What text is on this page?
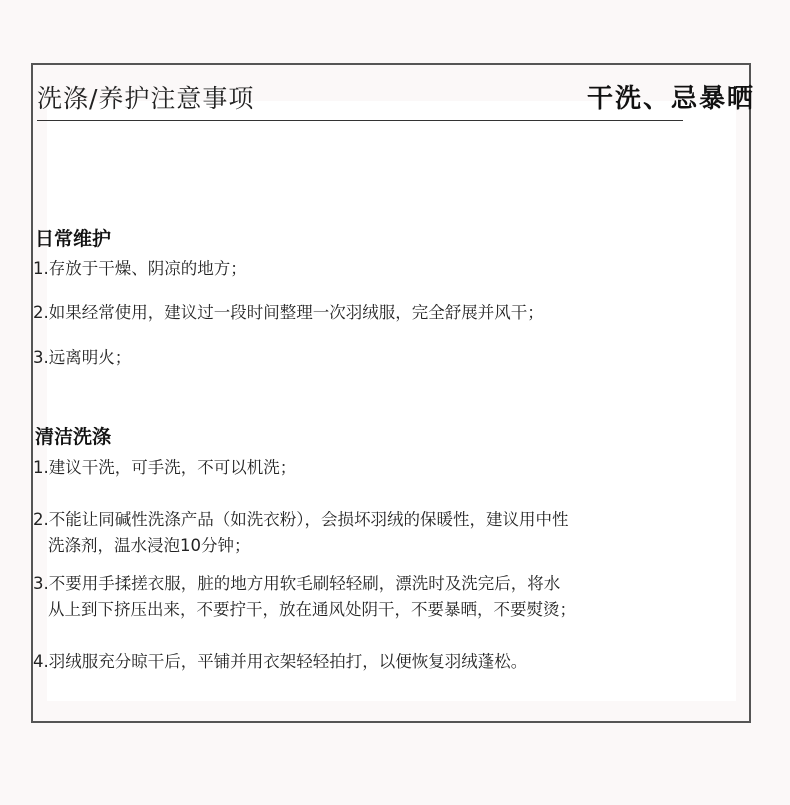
洗涤/养护注意事项	干洗、忌暴晒
日常维护
1.存放于干燥、阴凉的地方；
2.如果经常使用，建议过一段时间整理一次羽绒服，完全舒展并风干；
3.远离明火；
清洁洗涤
1.建议干洗，可手洗，不可以机洗；
2.不能让同碱性洗涤产品（如洗衣粉），会损坏羽绒的保暖性，建议用中性
洗涤剂，温水浸泡10分钟；
3.不要用手揉搓衣服，脏的地方用软毛刷轻轻刷，漂洗时及洗完后，将水
从上到下挤压出来，不要拧干，放在通风处阴干，不要暴晒，不要熨烫；
4.羽绒服充分晾干后，平铺并用衣架轻轻拍打，以便恢复羽绒蓬松。
